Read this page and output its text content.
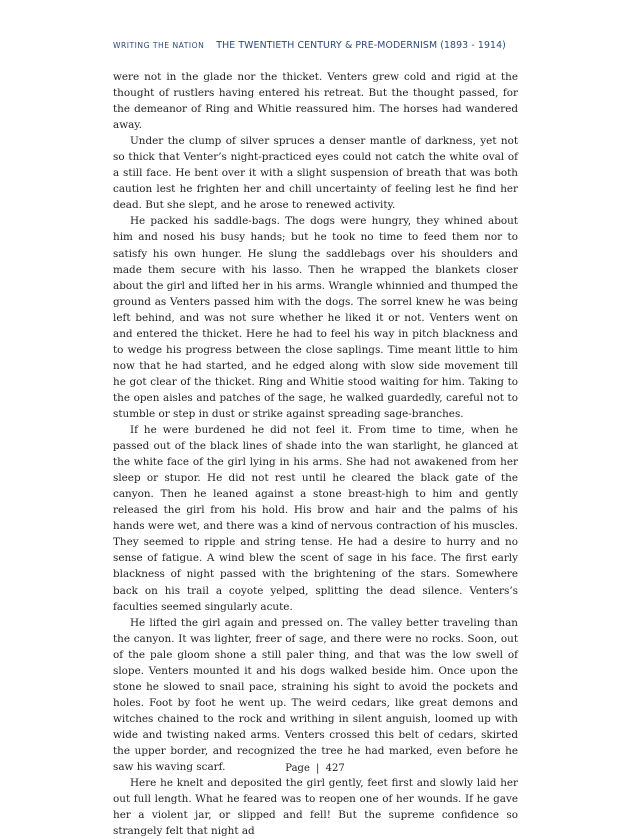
WRITING THE NATION THE TWENTIETH CENTURY & PRE-MODERNISM (1893 - 1914)

were not in the glade nor the thicket. Venters grew cold and rigid at the thought of rustlers having entered his retreat. But the thought passed, for the demeanor of Ring and Whitie reassured him. The horses had wandered away.

Under the clump of silver spruces a denser mantle of darkness, yet not so thick that Venter’s night-practiced eyes could not catch the white oval of a still face. He bent over it with a slight suspension of breath that was both caution lest he frighten her and chill uncertainty of feeling lest he find her dead. But she slept, and he arose to renewed activity.

He packed his saddle-bags. The dogs were hungry, they whined about him and nosed his busy hands; but he took no time to feed them nor to satisfy his own hunger. He slung the saddlebags over his shoulders and made them secure with his lasso. Then he wrapped the blankets closer about the girl and lifted her in his arms. Wrangle whinnied and thumped the ground as Venters passed him with the dogs. The sorrel knew he was being left behind, and was not sure whether he liked it or not. Venters went on and entered the thicket. Here he had to feel his way in pitch blackness and to wedge his progress between the close saplings. Time meant little to him now that he had started, and he edged along with slow side movement till he got clear of the thicket. Ring and Whitie stood waiting for him. Taking to the open aisles and patches of the sage, he walked guardedly, careful not to stumble or step in dust or strike against spreading sage-branches.

If he were burdened he did not feel it. From time to time, when he passed out of the black lines of shade into the wan starlight, he glanced at the white face of the girl lying in his arms. She had not awakened from her sleep or stupor. He did not rest until he cleared the black gate of the canyon. Then he leaned against a stone breast-high to him and gently released the girl from his hold. His brow and hair and the palms of his hands were wet, and there was a kind of nervous contraction of his muscles. They seemed to ripple and string tense. He had a desire to hurry and no sense of fatigue. A wind blew the scent of sage in his face. The first early blackness of night passed with the brightening of the stars. Somewhere back on his trail a coyote yelped, splitting the dead silence. Venters’s faculties seemed singularly acute.

He lifted the girl again and pressed on. The valley better traveling than the canyon. It was lighter, freer of sage, and there were no rocks. Soon, out of the pale gloom shone a still paler thing, and that was the low swell of slope. Venters mounted it and his dogs walked beside him. Once upon the stone he slowed to snail pace, straining his sight to avoid the pockets and holes. Foot by foot he went up. The weird cedars, like great demons and witches chained to the rock and writhing in silent anguish, loomed up with wide and twisting naked arms. Venters crossed this belt of cedars, skirted the upper border, and recognized the tree he had marked, even before he saw his waving scarf.

Here he knelt and deposited the girl gently, feet first and slowly laid her out full length. What he feared was to reopen one of her wounds. If he gave her a violent jar, or slipped and fell! But the supreme confidence so strangely felt that night ad

Page | 427
